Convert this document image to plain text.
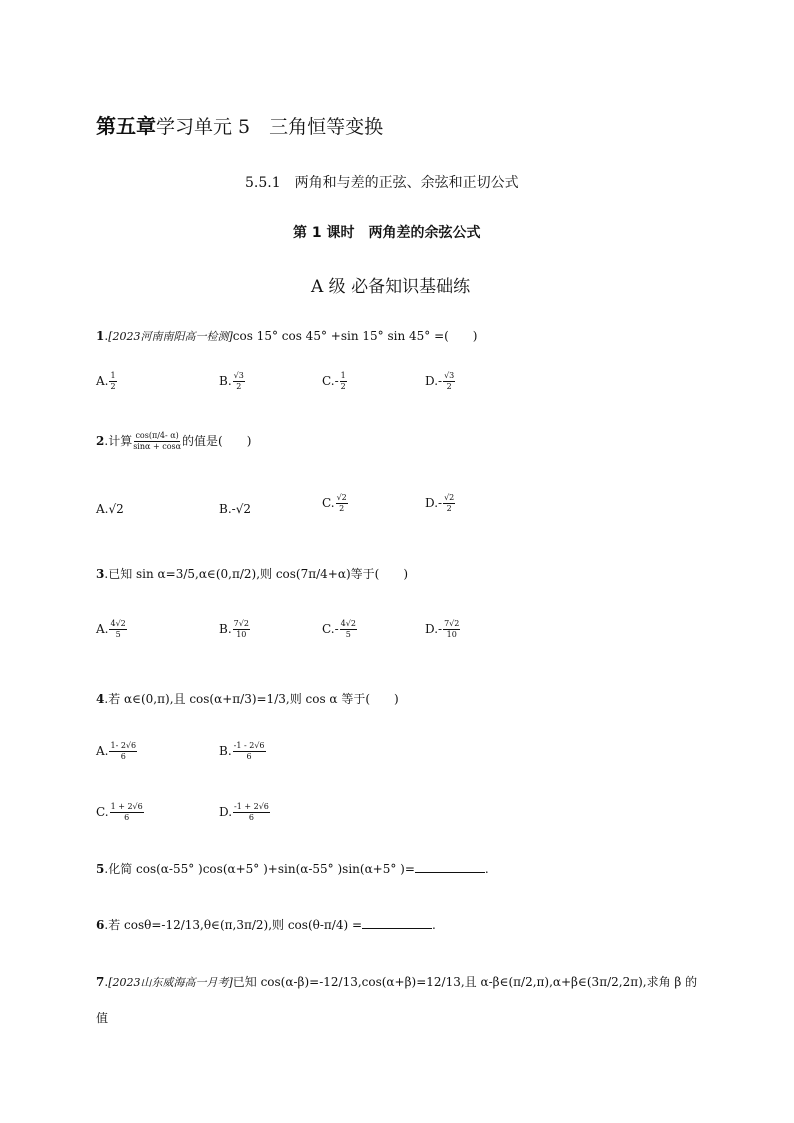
第五章学习单元 5　三角恒等变换
5.5.1　两角和与差的正弦、余弦和正切公式
第 1 课时　两角差的余弦公式
A 级 必备知识基础练
1.[2023河南南阳高一检测]cos 15° cos 45° +sin 15° sin 45° =(　　)
A. $\frac{1}{2}$	B. $\frac{√3}{2}$	$C.- \frac{1}{2}$	$D.- \frac{√3}{2}$
2.计算 $\frac{\cos(\pi/4- \alpha)}{\sin\alpha + \cos\alpha}$ 的值是(　　)
A.√2	B.-√2	C. $\frac{√2}{2}$	$D.- \frac{√2}{2}$
3.已知 sin α=3/5,α∈(0,π/2),则 cos(7π/4+α)等于(　　)
A. $\frac{4√2}{5}$	B. $\frac{7√2}{10}$	$C.- \frac{4√2}{5}$	$D.- \frac{7√2}{10}$
4.若 α∈(0,π),且 cos(α+π/3)=1/3,则 cos α 等于(　　)
A. $\frac{1- 2√6}{6}$	B. $\frac{-1 - 2√6}{6}$
C. $\frac{1 + 2√6}{6}$	D. $\frac{-1 + 2√6}{6}$
5.化简 cos(α-55° )cos(α+5° )+sin(α-55° )sin(α+5° )=	.
6.若 cosθ=-12/13,θ∈(π,3π/2),则 cos(θ-π/4) =	.
7.[2023山东威海高一月考]已知 cos(α-β)=-12/13,cos(α+β)=12/13,且 α-β∈(π/2,π),α+β∈(3π/2,2π),求角 β 的
值
